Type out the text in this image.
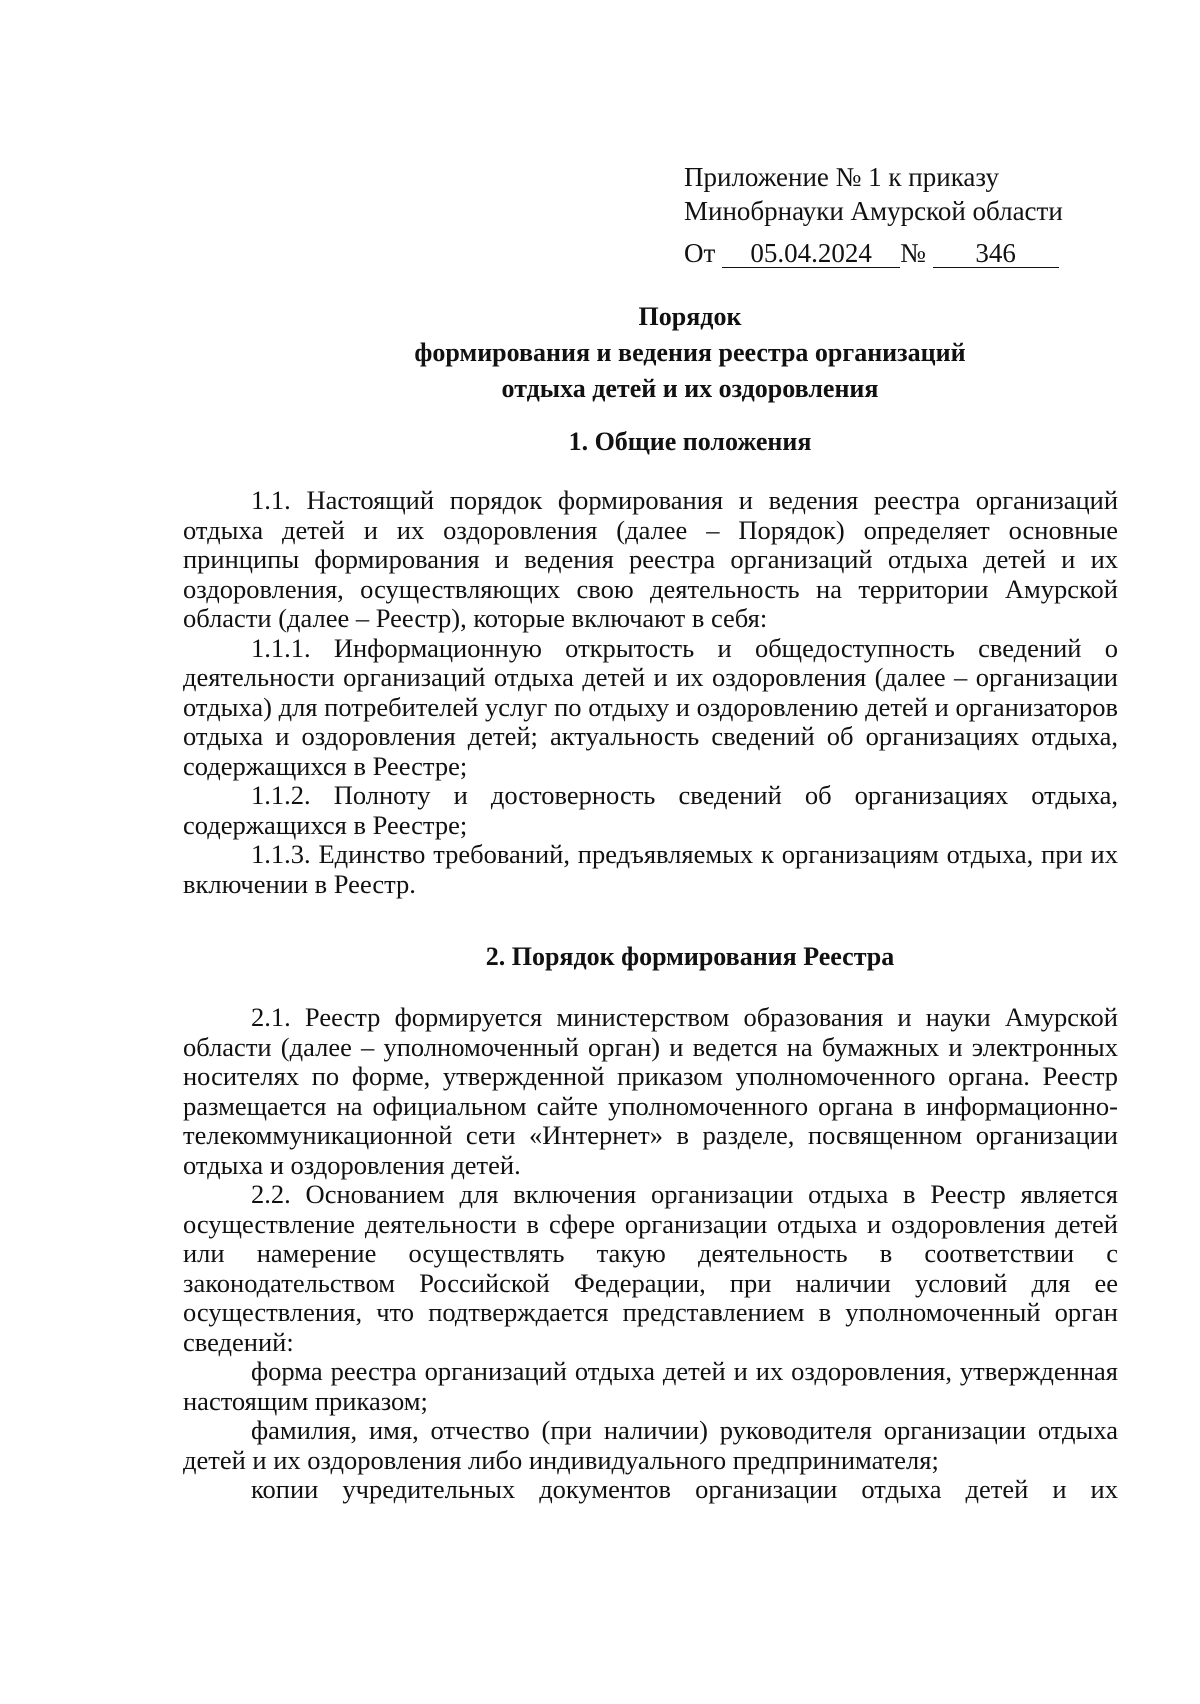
Приложение № 1 к приказу
Минобрнауки Амурской области
От 05.04.2024 № 346
Порядок
формирования и ведения реестра организаций
отдыха детей и их оздоровления
1. Общие положения

1.1. Настоящий порядок формирования и ведения реестра организаций отдыха детей и их оздоровления (далее – Порядок) определяет основные принципы формирования и ведения реестра организаций отдыха детей и их оздоровления, осуществляющих свою деятельность на территории Амурской области (далее – Реестр), которые включают в себя:

1.1.1. Информационную открытость и общедоступность сведений о деятельности организаций отдыха детей и их оздоровления (далее – организации отдыха) для потребителей услуг по отдыху и оздоровлению детей и организаторов отдыха и оздоровления детей; актуальность сведений об организациях отдыха, содержащихся в Реестре;

1.1.2. Полноту и достоверность сведений об организациях отдыха, содержащихся в Реестре;

1.1.3. Единство требований, предъявляемых к организациям отдыха, при их включении в Реестр.

2. Порядок формирования Реестра

2.1. Реестр формируется министерством образования и науки Амурской области (далее – уполномоченный орган) и ведется на бумажных и электронных носителях по форме, утвержденной приказом уполномоченного органа. Реестр размещается на официальном сайте уполномоченного органа в информационно-телекоммуникационной сети «Интернет» в разделе, посвященном организации отдыха и оздоровления детей.

2.2. Основанием для включения организации отдыха в Реестр является осуществление деятельности в сфере организации отдыха и оздоровления детей или намерение осуществлять такую деятельность в соответствии с законодательством Российской Федерации, при наличии условий для ее осуществления, что подтверждается представлением в уполномоченный орган сведений:

форма реестра организаций отдыха детей и их оздоровления, утвержденная настоящим приказом;

фамилия, имя, отчество (при наличии) руководителя организации отдыха детей и их оздоровления либо индивидуального предпринимателя;

копии учредительных документов организации отдыха детей и их
